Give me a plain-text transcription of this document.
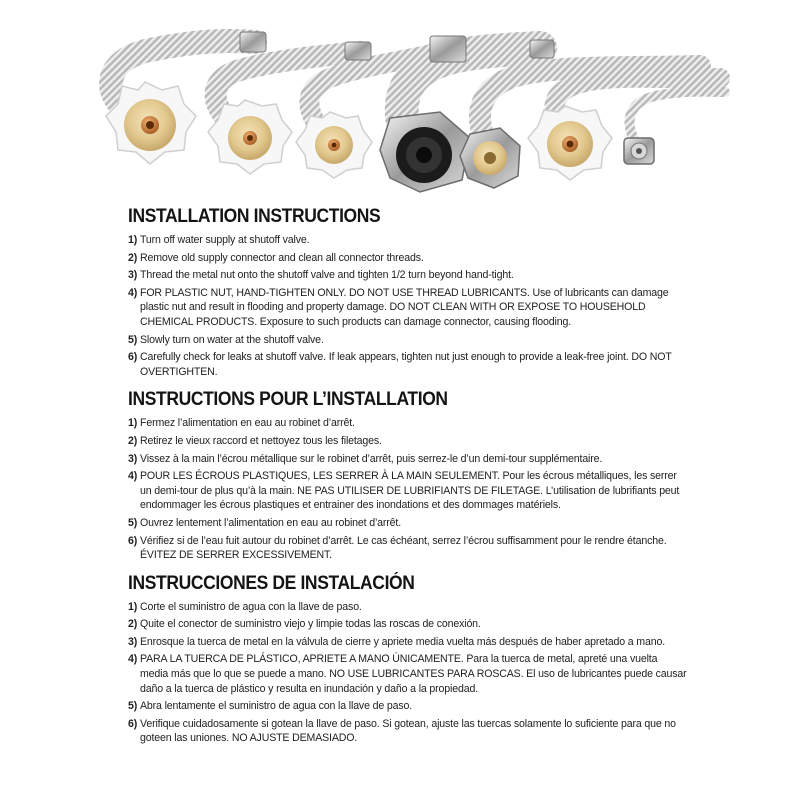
INSTALLATION INSTRUCTIONS
1) Turn off water supply at shutoff valve.
2) Remove old supply connector and clean all connector threads.
3) Thread the metal nut onto the shutoff valve and tighten 1/2 turn beyond hand-tight.
4) FOR PLASTIC NUT, HAND-TIGHTEN ONLY. DO NOT USE THREAD LUBRICANTS. Use of lubricants can damage plastic nut and result in flooding and property damage. DO NOT CLEAN WITH OR EXPOSE TO HOUSEHOLD CHEMICAL PRODUCTS. Exposure to such products can damage connector, causing flooding.
5) Slowly turn on water at the shutoff valve.
6) Carefully check for leaks at shutoff valve. If leak appears, tighten nut just enough to provide a leak-free joint. DO NOT OVERTIGHTEN.
INSTRUCTIONS POUR L’INSTALLATION
1) Fermez l’alimentation en eau au robinet d’arrêt.
2) Retirez le vieux raccord et nettoyez tous les filetages.
3) Vissez à la main l’écrou métallique sur le robinet d’arrêt, puis serrez-le d’un demi-tour supplémentaire.
4) POUR LES ÉCROUS PLASTIQUES, LES SERRER À LA MAIN SEULEMENT. Pour les écrous métalliques, les serrer un demi-tour de plus qu’à la main. NE PAS UTILISER DE LUBRIFIANTS DE FILETAGE. L’utilisation de lubrifiants peut endommager les écrous plastiques et entrainer des inondations et des dommages matériels.
5) Ouvrez lentement l’alimentation en eau au robinet d’arrêt.
6) Vérifiez si de l’eau fuit autour du robinet d’arrêt. Le cas échéant, serrez l’écrou suffisamment pour le rendre étanche. ÉVITEZ DE SERRER EXCESSIVEMENT.
INSTRUCCIONES DE INSTALACIÓN
1) Corte el suministro de agua con la llave de paso.
2) Quite el conector de suministro viejo y limpie todas las roscas de conexión.
3) Enrosque la tuerca de metal en la válvula de cierre y apriete media vuelta más después de haber apretado a mano.
4) PARA LA TUERCA DE PLÁSTICO, APRIETE A MANO ÚNICAMENTE. Para la tuerca de metal, apreté una vuelta media más que lo que se puede a mano. NO USE LUBRICANTES PARA ROSCAS. El uso de lubricantes puede causar daño a la tuerca de plástico y resulta en inundación y daño a la propiedad.
5) Abra lentamente el suministro de agua con la llave de paso.
6) Verifique cuidadosamente si gotean la llave de paso. Si gotean, ajuste las tuercas solamente lo suficiente para que no goteen las uniones. NO AJUSTE DEMASIADO.
